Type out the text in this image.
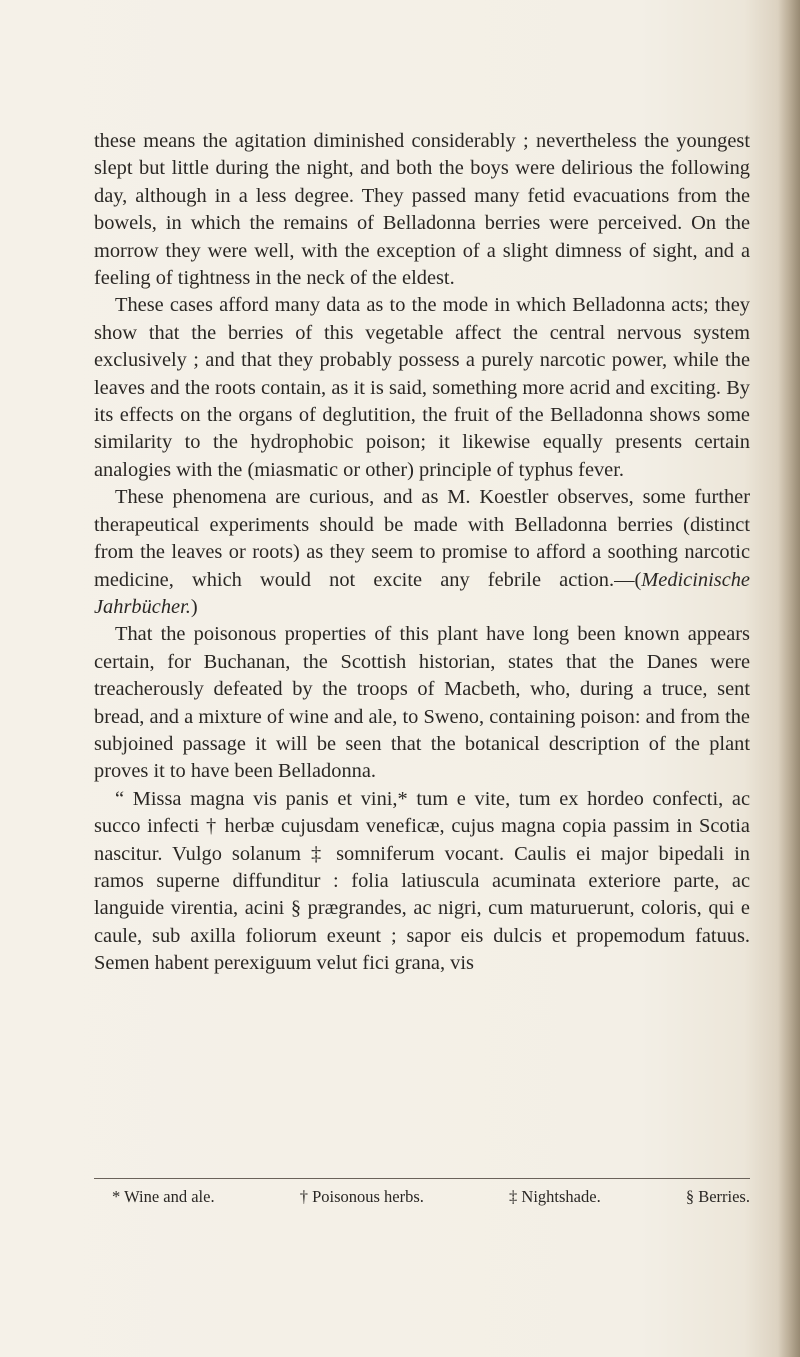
these means the agitation diminished considerably ; nevertheless the youngest slept but little during the night, and both the boys were delirious the following day, although in a less degree. They passed many fetid evacuations from the bowels, in which the remains of Belladonna berries were perceived. On the morrow they were well, with the exception of a slight dimness of sight, and a feeling of tightness in the neck of the eldest.

These cases afford many data as to the mode in which Belladonna acts; they show that the berries of this vegetable affect the central nervous system exclusively ; and that they probably possess a purely narcotic power, while the leaves and the roots contain, as it is said, something more acrid and exciting. By its effects on the organs of deglutition, the fruit of the Belladonna shows some similarity to the hydrophobic poison; it likewise equally presents certain analogies with the (miasmatic or other) principle of typhus fever.

These phenomena are curious, and as M. Koestler observes, some further therapeutical experiments should be made with Belladonna berries (distinct from the leaves or roots) as they seem to promise to afford a soothing narcotic medicine, which would not excite any febrile action.—(Medicinische Jahrbücher.)

That the poisonous properties of this plant have long been known appears certain, for Buchanan, the Scottish historian, states that the Danes were treacherously defeated by the troops of Macbeth, who, during a truce, sent bread, and a mixture of wine and ale, to Sweno, containing poison: and from the subjoined passage it will be seen that the botanical description of the plant proves it to have been Belladonna.

“ Missa magna vis panis et vini,* tum e vite, tum ex hordeo confecti, ac succo infecti † herbæ cujusdam veneficæ, cujus magna copia passim in Scotia nascitur. Vulgo solanum ‡ somniferum vocant. Caulis ei major bipedali in ramos superne diffunditur : folia latiuscula acuminata exteriore parte, ac languide virentia, acini § prægrandes, ac nigri, cum maturuerunt, coloris, qui e caule, sub axilla foliorum exeunt ; sapor eis dulcis et propemodum fatuus. Semen habent perexiguum velut fici grana, vis

* Wine and ale.	† Poisonous herbs.	‡ Nightshade.	§ Berries.
